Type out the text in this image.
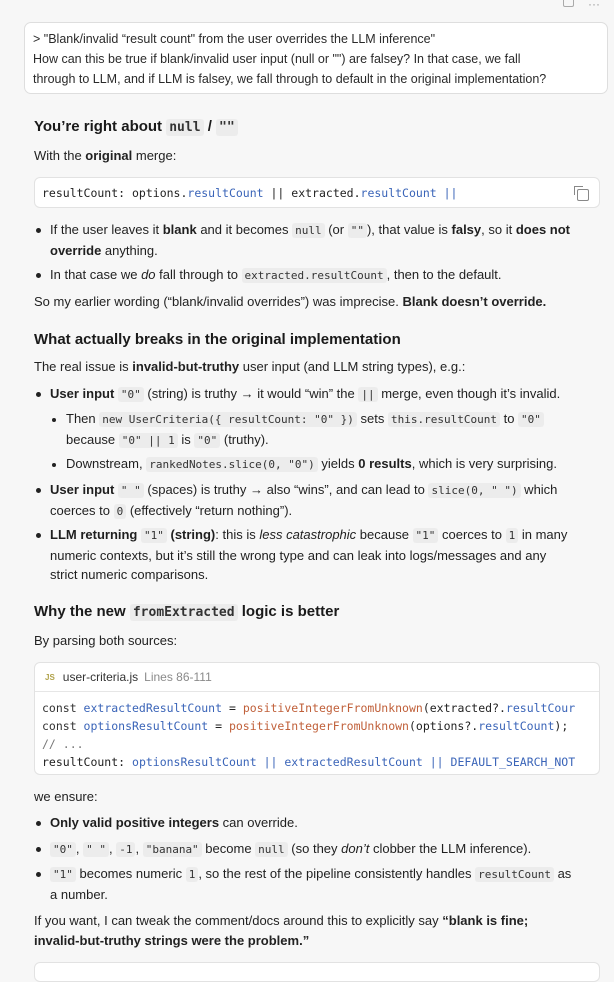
···
> "Blank/invalid “result count" from the user overrides the LLM inference"
How can this be true if blank/invalid user input (null or "") are falsey? In that case, we fall
through to LLM, and if LLM is falsey, we fall through to default in the original implementation?
You’re right about null / ""
With the original merge:
resultCount: options.resultCount || extracted.resultCount ||
If the user leaves it blank and it becomes null (or "" ), that value is falsy, so it does not
override anything.
In that case we do fall through to extracted.resultCount , then to the default.
So my earlier wording (“blank/invalid overrides”) was imprecise. Blank doesn’t override.
What actually breaks in the original implementation
The real issue is invalid-but-truthy user input (and LLM string types), e.g.:
User input "0" (string) is truthy → it would “win” the || merge, even though it’s invalid.
Then new UserCriteria({ resultCount: "0" }) sets this.resultCount to "0"
because "0" || 1 is "0" (truthy).
Downstream, rankedNotes.slice(0, "0") yields 0 results, which is very surprising.
User input " " (spaces) is truthy → also “wins”, and can lead to slice(0, " ") which
coerces to 0 (effectively “return nothing”).
LLM returning "1" (string): this is less catastrophic because "1" coerces to 1 in many
numeric contexts, but it’s still the wrong type and can leak into logs/messages and any
strict numeric comparisons.
Why the new fromExtracted logic is better
By parsing both sources:
JS user-criteria.js Lines 86-111
const extractedResultCount = positiveIntegerFromUnknown(extracted?.resultCour
const optionsResultCount = positiveIntegerFromUnknown(options?.resultCount);
// ...
resultCount: optionsResultCount || extractedResultCount || DEFAULT_SEARCH_NOT
we ensure:
Only valid positive integers can override.
"0" , " " , -1 , "banana" become null (so they don’t clobber the LLM inference).
"1" becomes numeric 1 , so the rest of the pipeline consistently handles resultCount as
a number.
If you want, I can tweak the comment/docs around this to explicitly say “blank is fine;
invalid-but-truthy strings were the problem.”
